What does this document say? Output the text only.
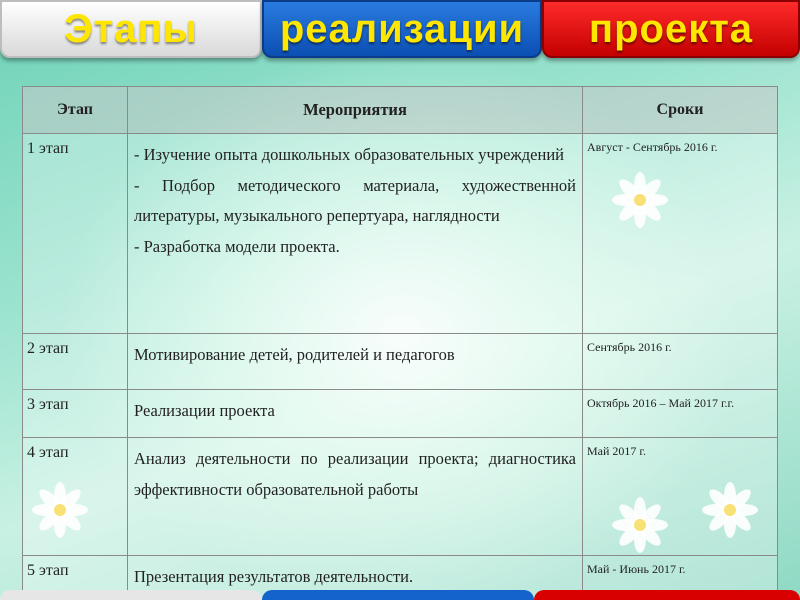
Этапы	реализации	проекта
Этап	Мероприятия	Сроки
1 этап	- Изучение опыта дошкольных образовательных учреждений
- Подбор методического материала, художественной литературы, музыкального репертуара, наглядности
- Разработка модели проекта.	Август - Сентябрь 2016 г.
2 этап	Мотивирование детей, родителей и педагогов	Сентябрь 2016 г.
3 этап	Реализации проекта	Октябрь 2016 – Май 2017 г.г.
4 этап	Анализ деятельности по реализации проекта; диагностика эффективности образовательной работы	Май 2017 г.
5 этап	Презентация результатов деятельности.	Май - Июнь 2017 г.
